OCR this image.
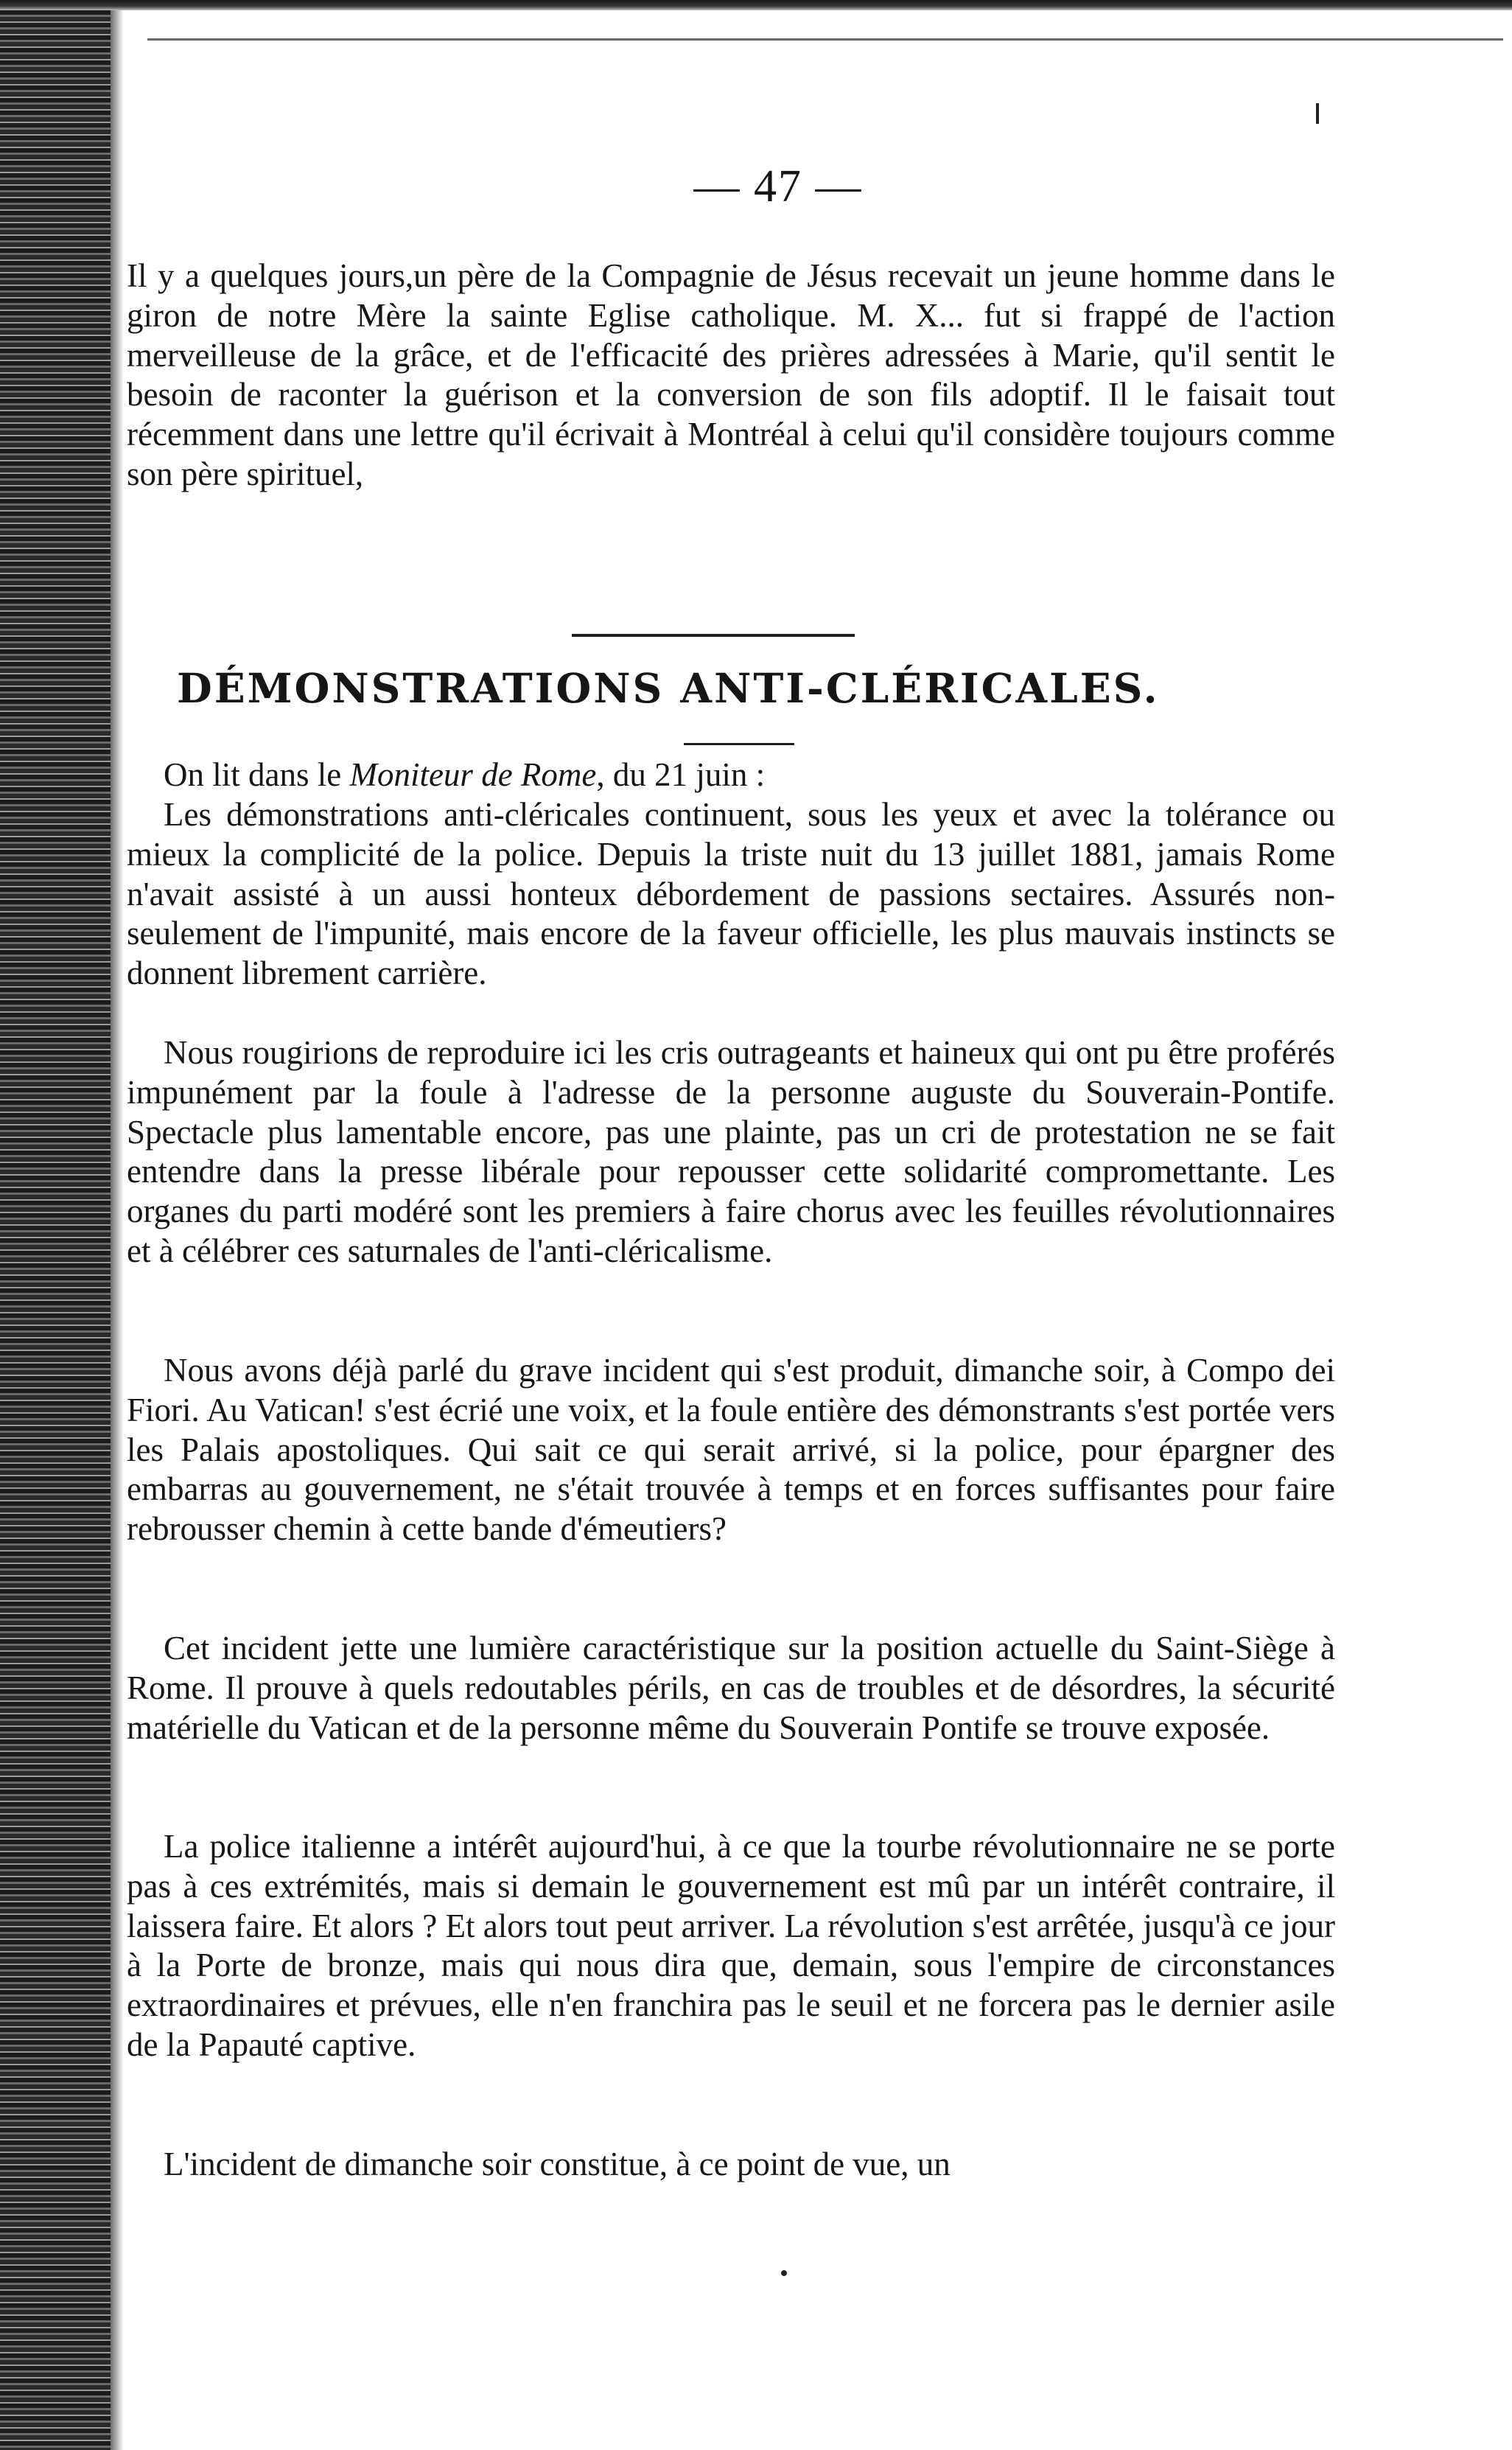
— 47 —
Il y a quelques jours,un père de la Compagnie de Jésus recevait un jeune homme dans le giron de notre Mère la sainte Eglise catholique. M. X... fut si frappé de l'action merveilleuse de la grâce, et de l'efficacité des prières adressées à Marie, qu'il sentit le besoin de raconter la guérison et la conversion de son fils adoptif. Il le faisait tout récemment dans une lettre qu'il écrivait à Montréal à celui qu'il considère toujours comme son père spirituel,
DÉMONSTRATIONS ANTI-CLÉRICALES.
On lit dans le Moniteur de Rome, du 21 juin :
Les démonstrations anti-cléricales continuent, sous les yeux et avec la tolérance ou mieux la complicité de la police. Depuis la triste nuit du 13 juillet 1881, jamais Rome n'avait assisté à un aussi honteux débordement de passions sectaires. Assurés non-seulement de l'impunité, mais encore de la faveur officielle, les plus mauvais instincts se donnent librement carrière.
Nous rougirions de reproduire ici les cris outrageants et haineux qui ont pu être proférés impunément par la foule à l'adresse de la personne auguste du Souverain-Pontife. Spectacle plus lamentable encore, pas une plainte, pas un cri de protestation ne se fait entendre dans la presse libérale pour repousser cette solidarité compromettante. Les organes du parti modéré sont les premiers à faire chorus avec les feuilles révolutionnaires et à célébrer ces saturnales de l'anti-cléricalisme.
Nous avons déjà parlé du grave incident qui s'est produit, dimanche soir, à Compo dei Fiori. Au Vatican! s'est écrié une voix, et la foule entière des démonstrants s'est portée vers les Palais apostoliques. Qui sait ce qui serait arrivé, si la police, pour épargner des embarras au gouvernement, ne s'était trouvée à temps et en forces suffisantes pour faire rebrousser chemin à cette bande d'émeutiers?
Cet incident jette une lumière caractéristique sur la position actuelle du Saint-Siège à Rome. Il prouve à quels redoutables périls, en cas de troubles et de désordres, la sécurité matérielle du Vatican et de la personne même du Souverain Pontife se trouve exposée.
La police italienne a intérêt aujourd'hui, à ce que la tourbe révolutionnaire ne se porte pas à ces extrémités, mais si demain le gouvernement est mû par un intérêt contraire, il laissera faire. Et alors ? Et alors tout peut arriver. La révolution s'est arrêtée, jusqu'à ce jour à la Porte de bronze, mais qui nous dira que, demain, sous l'empire de circonstances extraordinaires et prévues, elle n'en franchira pas le seuil et ne forcera pas le dernier asile de la Papauté captive.
L'incident de dimanche soir constitue, à ce point de vue, un
